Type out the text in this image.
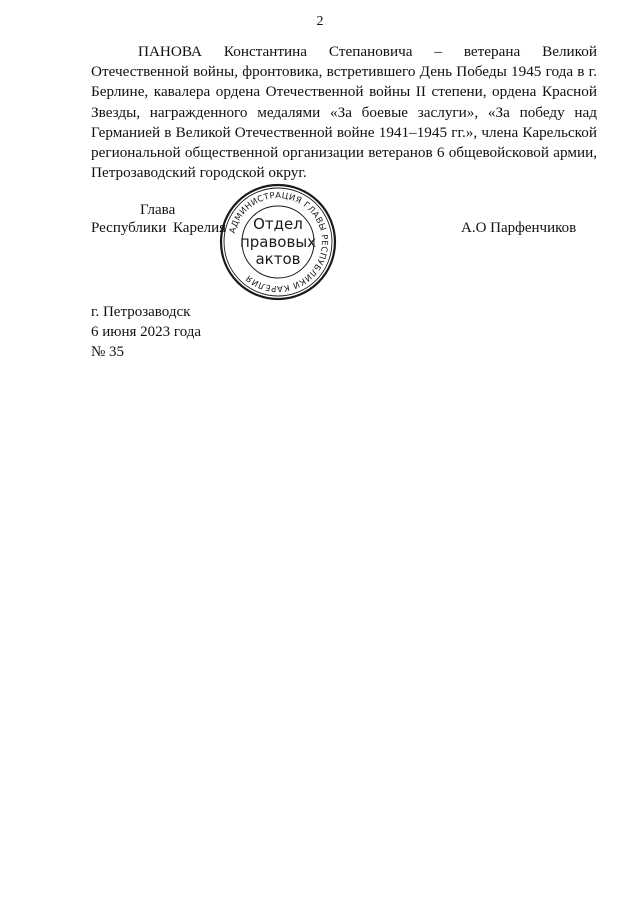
2

ПАНОВА Константина Степановича – ветерана Великой Отечественной войны, фронтовика, встретившего День Победы 1945 года в г. Берлине, кавалера ордена Отечественной войны II степени, ордена Красной Звезды, награжденного медалями «За боевые заслуги», «За победу над Германией в Великой Отечественной войне 1941–1945 гг.», члена Карельской региональной общественной организации ветеранов 6 общевойсковой армии, Петрозаводский городской округ.

Глава
Республики Карелия	А.О Парфенчиков
АДМИНИСТРАЦИЯ ГЛАВЫ РЕСПУБЛИКИ КАРЕЛИЯ
Отдел
правовых
актов
г. Петрозаводск
6 июня 2023 года
№ 35
